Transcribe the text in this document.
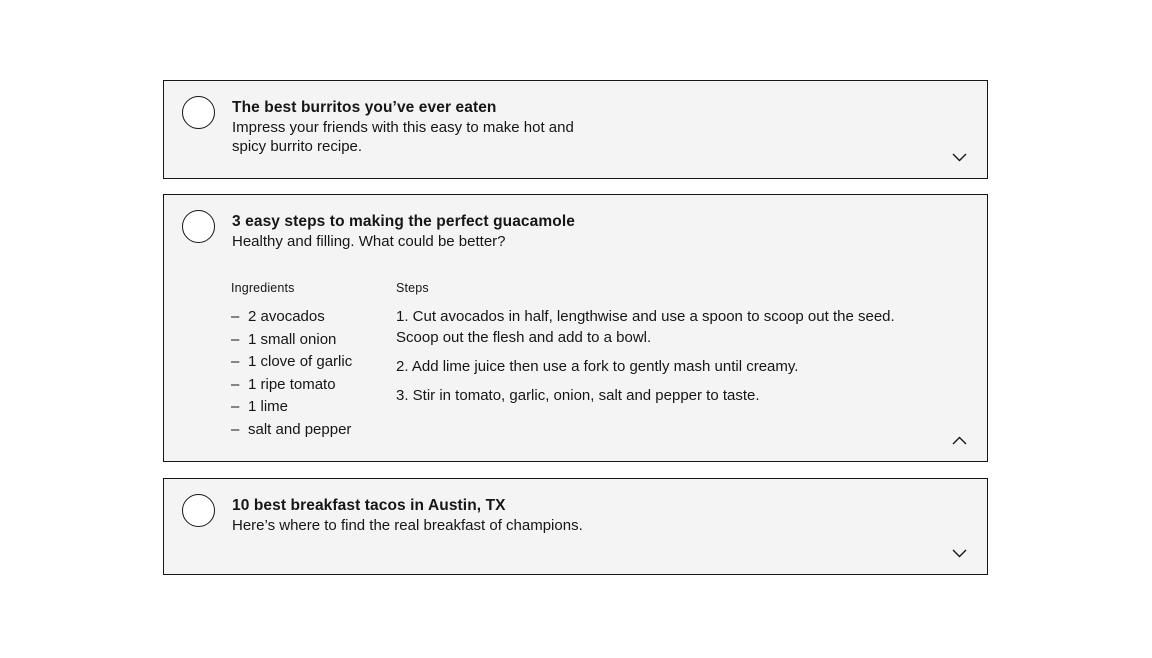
The best burritos you’ve ever eaten
Impress your friends with this easy to make hot and spicy burrito recipe.
3 easy steps to making the perfect guacamole
Healthy and filling. What could be better?
Ingredients
– 2 avocados
– 1 small onion
– 1 clove of garlic
– 1 ripe tomato
– 1 lime
– salt and pepper
Steps

1. Cut avocados in half, lengthwise and use a spoon to scoop out the seed. Scoop out the flesh and add to a bowl.

2. Add lime juice then use a fork to gently mash until creamy.

3. Stir in tomato, garlic, onion, salt and pepper to taste.

10 best breakfast tacos in Austin, TX
Here’s where to find the real breakfast of champions.
